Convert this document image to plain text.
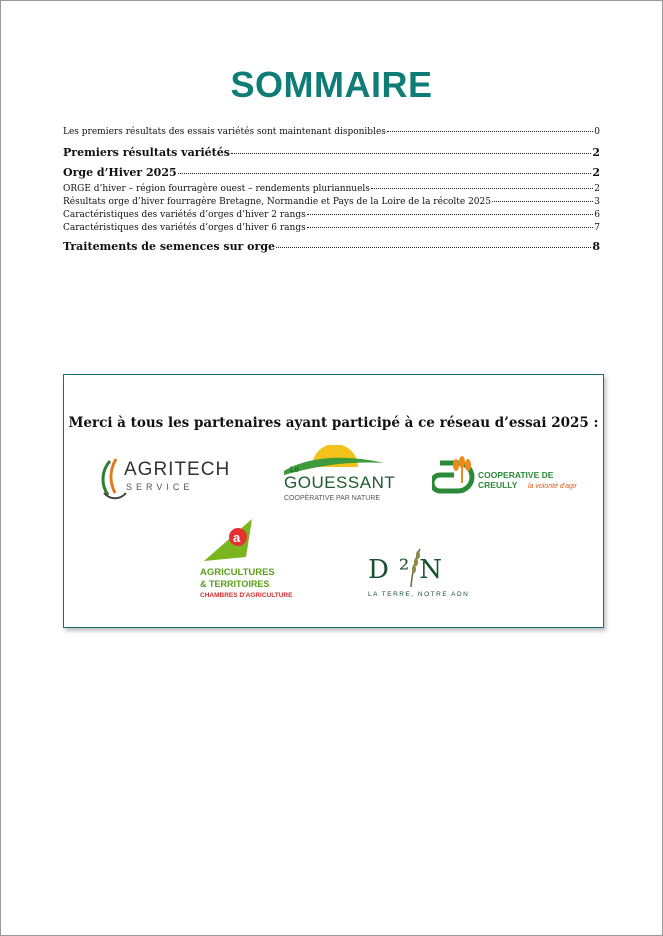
SOMMAIRE
Les premiers résultats des essais variétés sont maintenant disponibles	0
Premiers résultats variétés	2
Orge d’Hiver 2025	2
ORGE d’hiver – région fourragère ouest – rendements pluriannuels	2
Résultats orge d’hiver fourragère Bretagne, Normandie et Pays de la Loire de la récolte 2025	3
Caractéristiques des variétés d’orges d’hiver 2 rangs	6
Caractéristiques des variétés d’orges d’hiver 6 rangs	7
Traitements de semences sur orge	8
Merci à tous les partenaires ayant participé à ce réseau d’essai 2025 :
AGRITECH
SERVICE
Le
GOUESSANT
COOPÉRATIVE PAR NATURE
COOPERATIVE DE CREULLY	la volonté d'agir
a
AGRICULTURES
& TERRITOIRES
CHAMBRES D'AGRICULTURE
D²N
LA TERRE, NOTRE ADN
